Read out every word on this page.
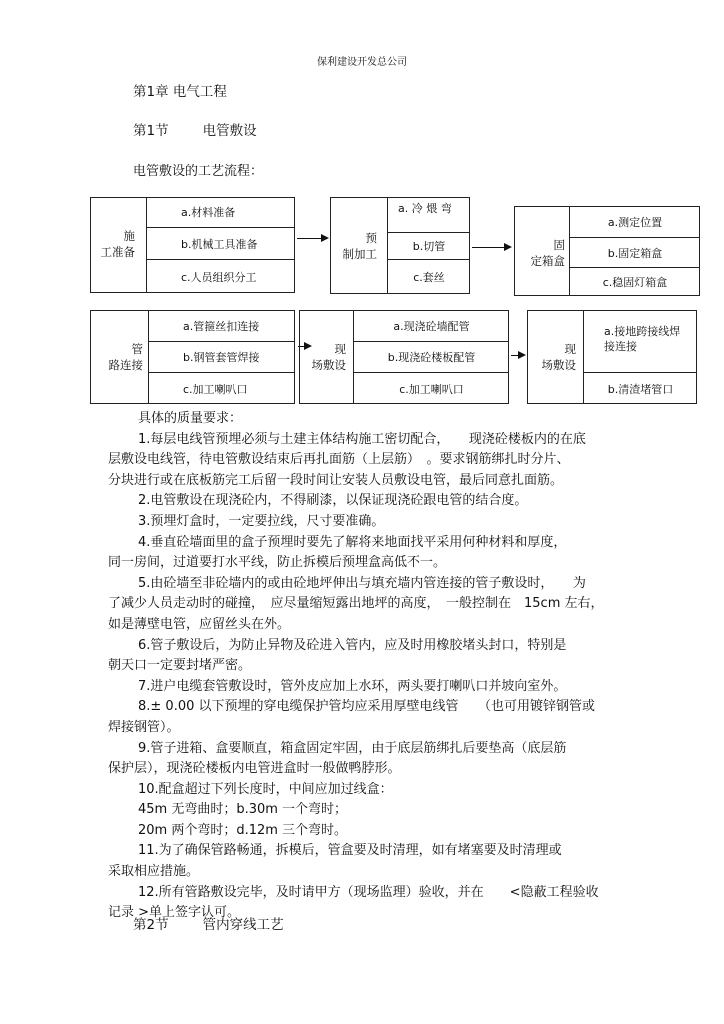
保利建设开发总公司
第1章 电气工程
第1节	电管敷设
电管敷设的工艺流程：
施
工准备
a.材料准备
b.机械工具准备
c.人员组织分工
预
制加工
a. 冷 煨 弯
b.切管
c.套丝
固
定箱盒
a.测定位置
b.固定箱盒
c.稳固灯箱盒
管
路连接
a.管箍丝扣连接
b.钢管套管焊接
c.加工喇叭口
现
场敷设
a.现浇砼墙配管
b.现浇砼楼板配管
c.加工喇叭口
现
场敷设
a.接地跨接线焊接连接
b.清渣堵管口

具体的质量要求：

1.每层电线管预埋必须与土建主体结构施工密切配合，　　现浇砼楼板内的在底
层敷设电线管，待电管敷设结束后再扎面筋（上层筋）　。要求钢筋绑扎时分片、
分块进行或在底板筋完工后留一段时间让安装人员敷设电管，最后同意扎面筋。

2.电管敷设在现浇砼内，不得刷漆，以保证现浇砼跟电管的结合度。

3.预埋灯盒时，一定要拉线，尺寸要准确。

4.垂直砼墙面里的盒子预埋时要先了解将来地面找平采用何种材料和厚度，
同一房间，过道要打水平线，防止拆模后预埋盒高低不一。

5.由砼墙至非砼墙内的或由砼地坪伸出与填充墙内管连接的管子敷设时，　　为
了减少人员走动时的碰撞，　应尽量缩短露出地坪的高度，　一般控制在　15cm 左右，
如是薄壁电管，应留丝头在外。

6.管子敷设后，为防止异物及砼进入管内，应及时用橡胶堵头封口，特别是
朝天口一定要封堵严密。

7.进户电缆套管敷设时，管外皮应加上水环，两头要打喇叭口并坡向室外。

8.± 0.00 以下预埋的穿电缆保护管均应采用厚壁电线管　　（也可用镀锌钢管或
焊接钢管）。

9.管子进箱、盒要顺直，箱盒固定牢固，由于底层筋绑扎后要垫高（底层筋
保护层），现浇砼楼板内电管进盒时一般做鸭脖形。

10.配盒超过下列长度时，中间应加过线盒：

45m 无弯曲时；b.30m 一个弯时；

20m 两个弯时；d.12m 三个弯时。

11.为了确保管路畅通，拆模后，管盒要及时清理，如有堵塞要及时清理或
采取相应措施。

12.所有管路敷设完毕，及时请甲方（现场监理）验收，并在　　<隐蔽工程验收
记录 >单上签字认可。

第2节	管内穿线工艺
